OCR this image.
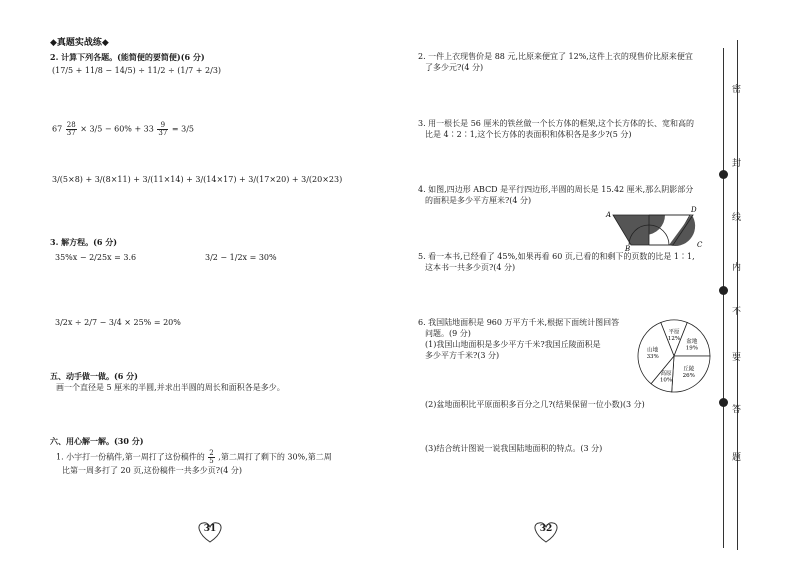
◆真题实战练◆
2. 计算下列各题。(能简便的要简便)(6 分)
(17/5 + 11/8 − 14/5) ÷ 11/2 ÷ (1/7 + 2/3)
$67 \frac{28}{37} \times 3/5 - 60\% + 33 \frac{9}{37} = 3/5$
3/(5×8) + 3/(8×11) + 3/(11×14) + 3/(14×17) + 3/(17×20) + 3/(20×23)
3. 解方程。(6 分)
35%x − 2/25x = 3.6	3/2 − 1/2x = 30%
3/2x ÷ 2/7 − 3/4 × 25% = 20%
五、动手做一做。(6 分)
画一个直径是 5 厘米的半圆,并求出半圆的周长和面积各是多少。
六、用心解一解。(30 分)
1. 小宇打一份稿件,第一周打了这份稿件的 $\frac{2}{5}$ ,第二周打了剩下的 30%,第二周
比第一周多打了 20 页,这份稿件一共多少页?(4 分)
31
2. 一件上衣现售价是 88 元,比原来便宜了 12%,这件上衣的现售价比原来便宜
了多少元?(4 分)
3. 用一根长是 56 厘米的铁丝做一个长方体的框架,这个长方体的长、宽和高的
比是 4∶2∶1,这个长方体的表面积和体积各是多少?(5 分)
4. 如图,四边形 ABCD 是平行四边形,半圆的周长是 15.42 厘米,那么阴影部分
的面积是多少平方厘米?(4 分)
A
B	C
D
5. 看一本书,已经看了 45%,如果再看 60 页,已看的和剩下的页数的比是 1∶1,
这本书一共多少页?(4 分)
6. 我国陆地面积是 960 万平方千米,根据下面统计图回答
问题。(9 分)
(1)我国山地面积是多少平方千米?我国丘陵面积是
多少平方千米?(3 分)
平原
12% 盆地
19%
丘陵
26%
高原
10%
山地
33%
(2)盆地面积比平原面积多百分之几?(结果保留一位小数)(3 分)
(3)结合统计图说一说我国陆地面积的特点。(3 分)
32
密
封
线
内
不
要
答
题
